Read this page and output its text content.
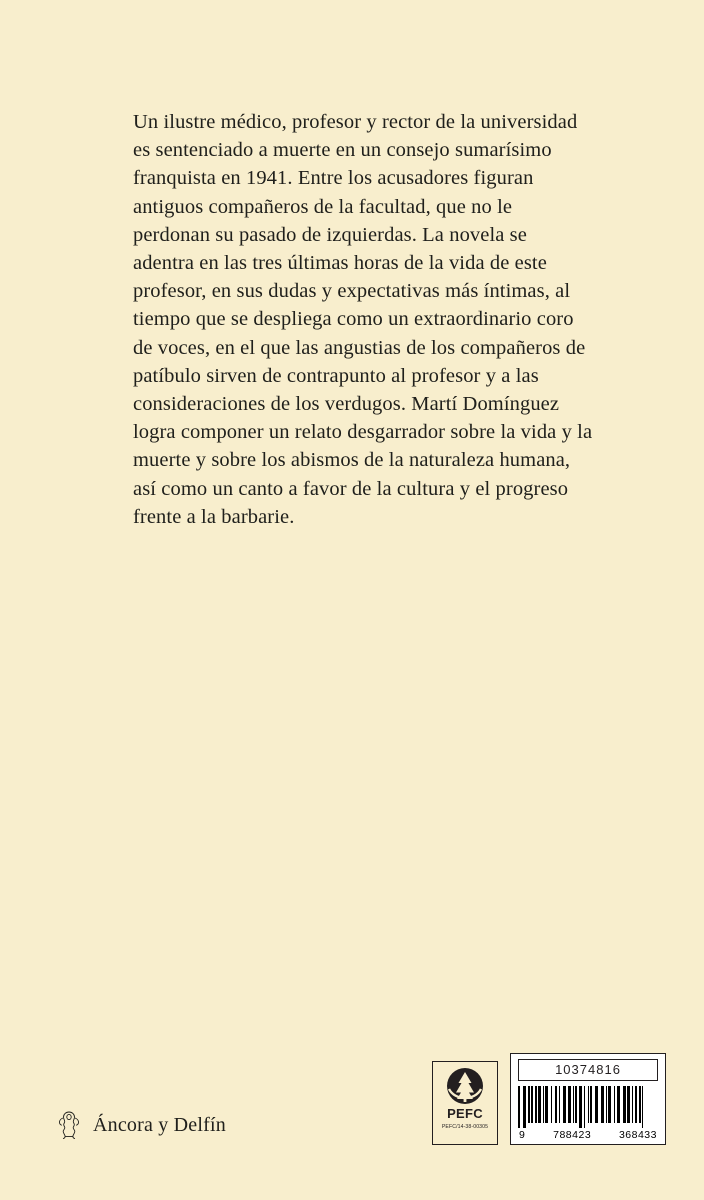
Un ilustre médico, profesor y rector de la universidad es sentenciado a muerte en un consejo sumarísimo franquista en 1941. Entre los acusadores figuran antiguos compañeros de la facultad, que no le perdonan su pasado de izquierdas. La novela se adentra en las tres últimas horas de la vida de este profesor, en sus dudas y expectativas más íntimas, al tiempo que se despliega como un extraordinario coro de voces, en el que las angustias de los compañeros de patíbulo sirven de contrapunto al profesor y a las consideraciones de los verdugos. Martí Domínguez logra componer un relato desgarrador sobre la vida y la muerte y sobre los abismos de la naturaleza humana, así como un canto a favor de la cultura y el progreso frente a la barbarie.
Áncora y Delfín	PEFC
PEFC/14-38-00305
10374816
9	788423	368433
